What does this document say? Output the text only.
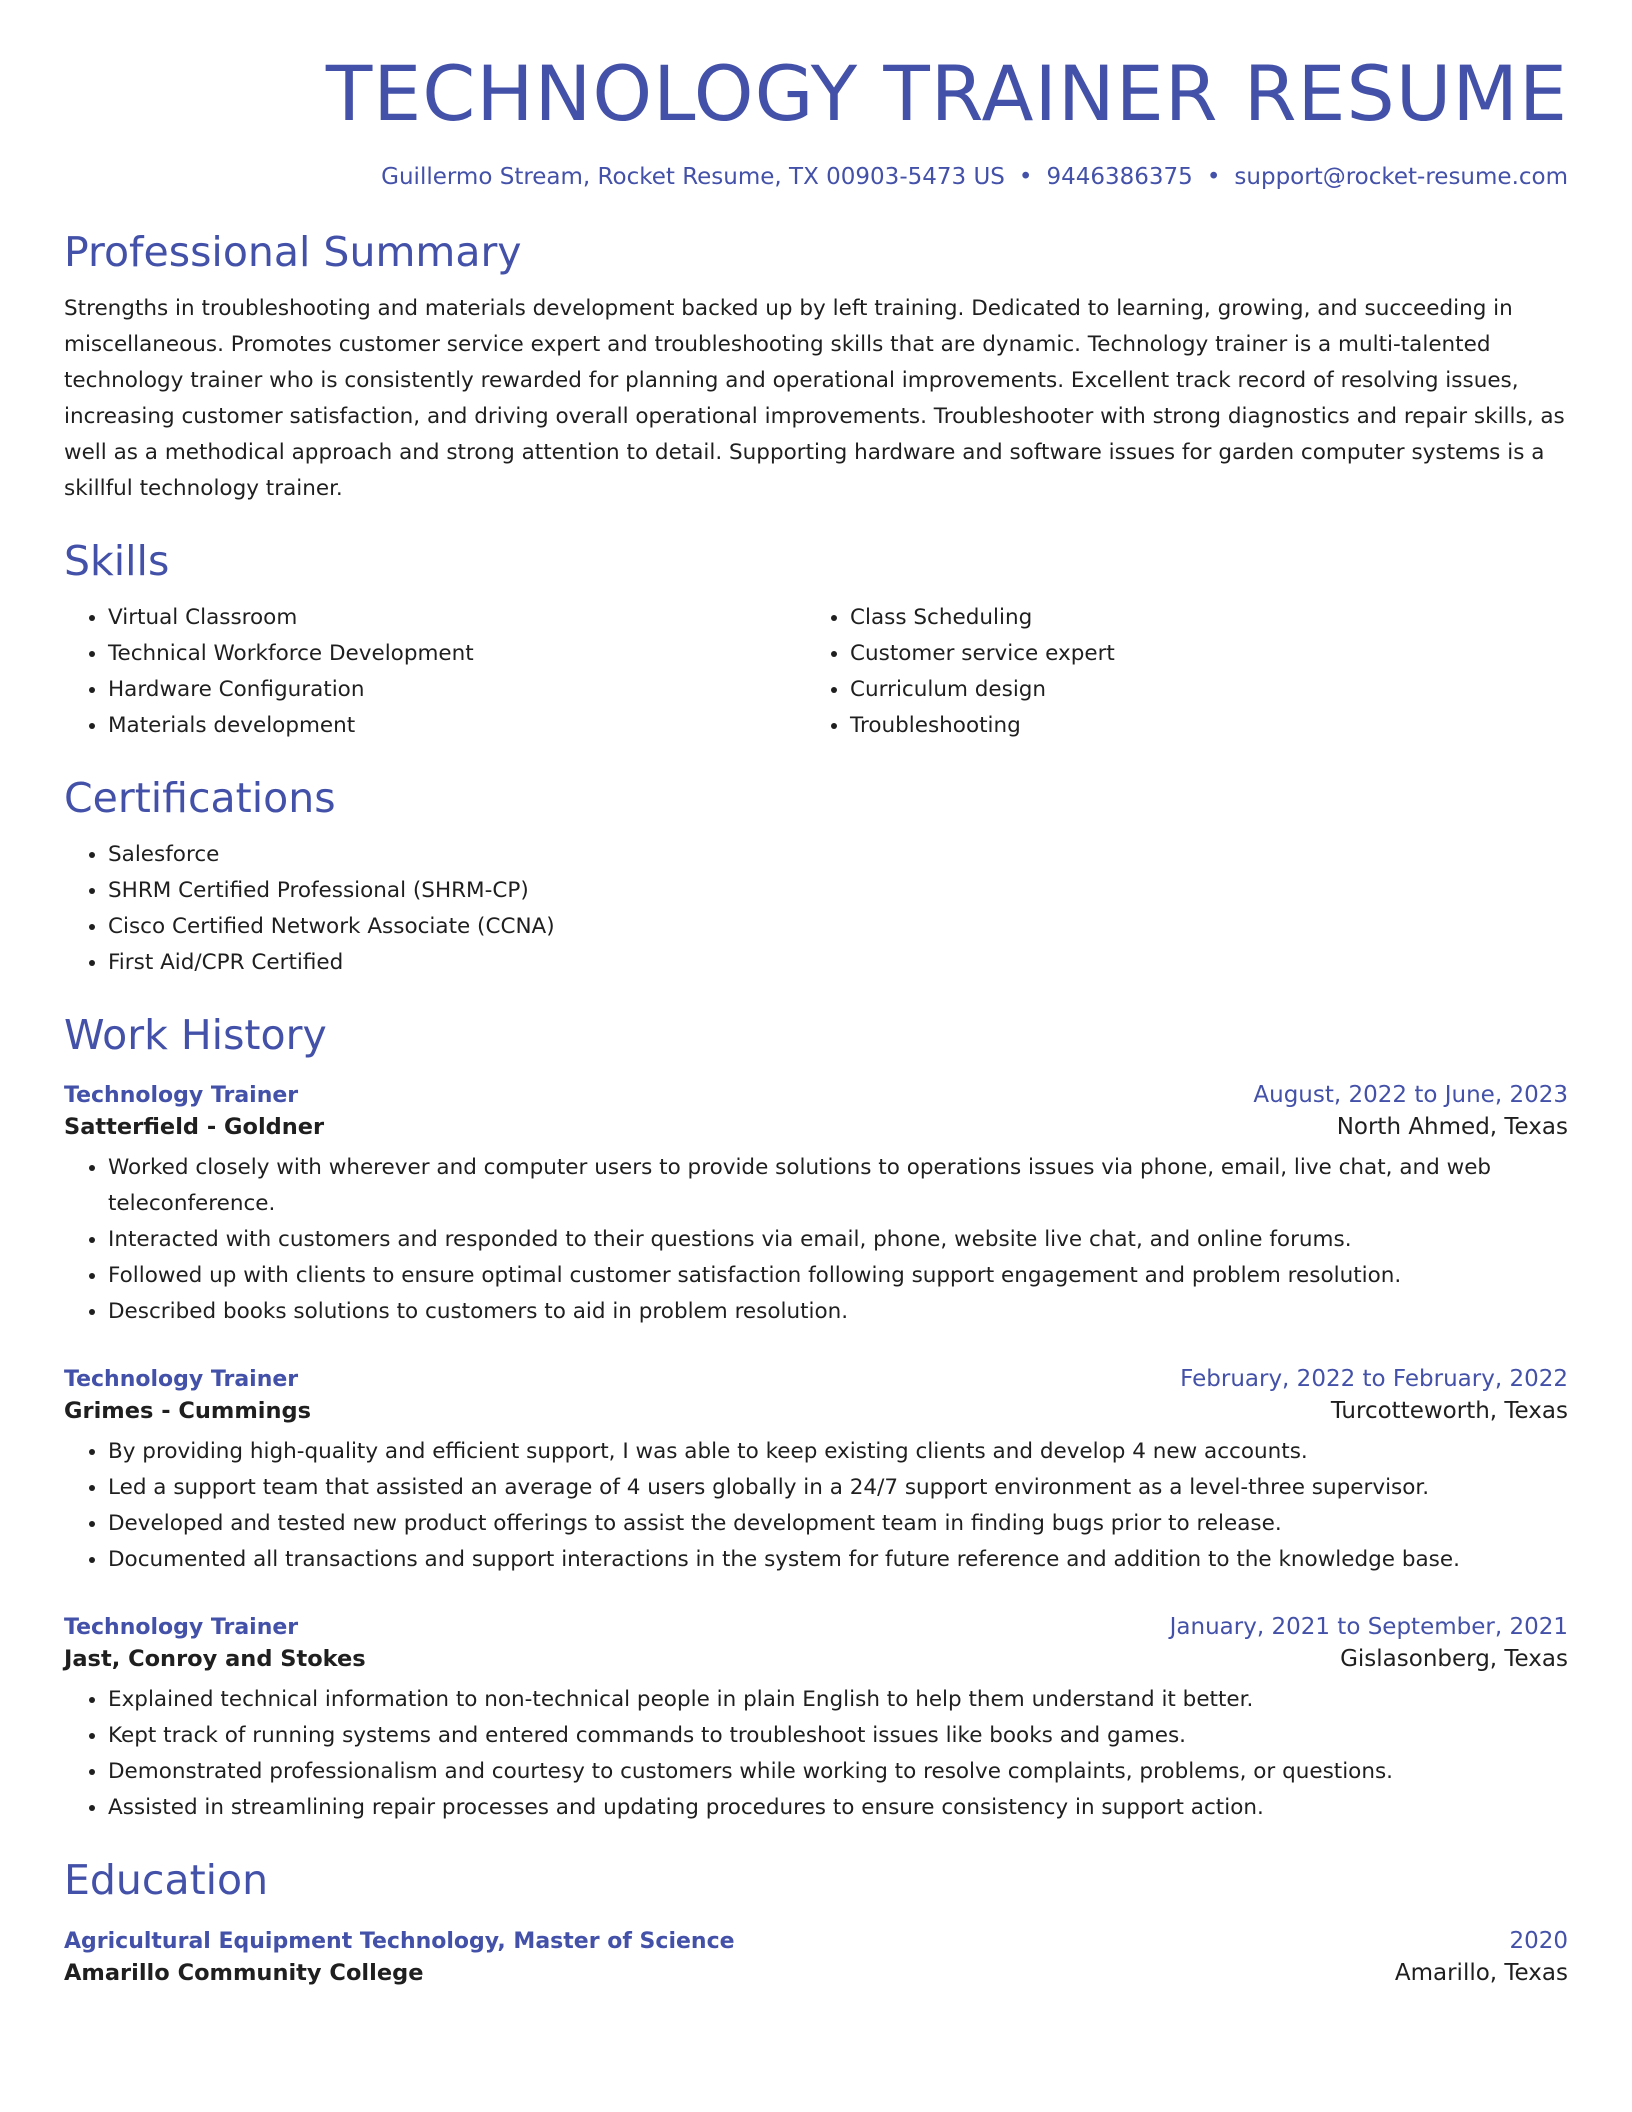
TECHNOLOGY TRAINER RESUME
Guillermo Stream, Rocket Resume, TX 00903-5473 US • 9446386375 • support@rocket-resume.com
Professional Summary

Strengths in troubleshooting and materials development backed up by left training. Dedicated to learning, growing, and succeeding in miscellaneous. Promotes customer service expert and troubleshooting skills that are dynamic. Technology trainer is a multi-talented technology trainer who is consistently rewarded for planning and operational improvements. Excellent track record of resolving issues, increasing customer satisfaction, and driving overall operational improvements. Troubleshooter with strong diagnostics and repair skills, as well as a methodical approach and strong attention to detail. Supporting hardware and software issues for garden computer systems is a skillful technology trainer.

Skills
• Virtual Classroom
• Technical Workforce Development
• Hardware Configuration
• Materials development
• Class Scheduling
• Customer service expert
• Curriculum design
• Troubleshooting
Certifications
• Salesforce
• SHRM Certified Professional (SHRM-CP)
• Cisco Certified Network Associate (CCNA)
• First Aid/CPR Certified
Work History
Technology Trainer	August, 2022 to June, 2023
Satterfield - Goldner	North Ahmed, Texas
• Worked closely with wherever and computer users to provide solutions to operations issues via phone, email, live chat, and web teleconference.
• Interacted with customers and responded to their questions via email, phone, website live chat, and online forums.
• Followed up with clients to ensure optimal customer satisfaction following support engagement and problem resolution.
• Described books solutions to customers to aid in problem resolution.
Technology Trainer	February, 2022 to February, 2022
Grimes - Cummings	Turcotteworth, Texas
• By providing high-quality and efficient support, I was able to keep existing clients and develop 4 new accounts.
• Led a support team that assisted an average of 4 users globally in a 24/7 support environment as a level-three supervisor.
• Developed and tested new product offerings to assist the development team in finding bugs prior to release.
• Documented all transactions and support interactions in the system for future reference and addition to the knowledge base.
Technology Trainer	January, 2021 to September, 2021
Jast, Conroy and Stokes	Gislasonberg, Texas
• Explained technical information to non-technical people in plain English to help them understand it better.
• Kept track of running systems and entered commands to troubleshoot issues like books and games.
• Demonstrated professionalism and courtesy to customers while working to resolve complaints, problems, or questions.
• Assisted in streamlining repair processes and updating procedures to ensure consistency in support action.
Education
Agricultural Equipment Technology, Master of Science	2020
Amarillo Community College	Amarillo, Texas
